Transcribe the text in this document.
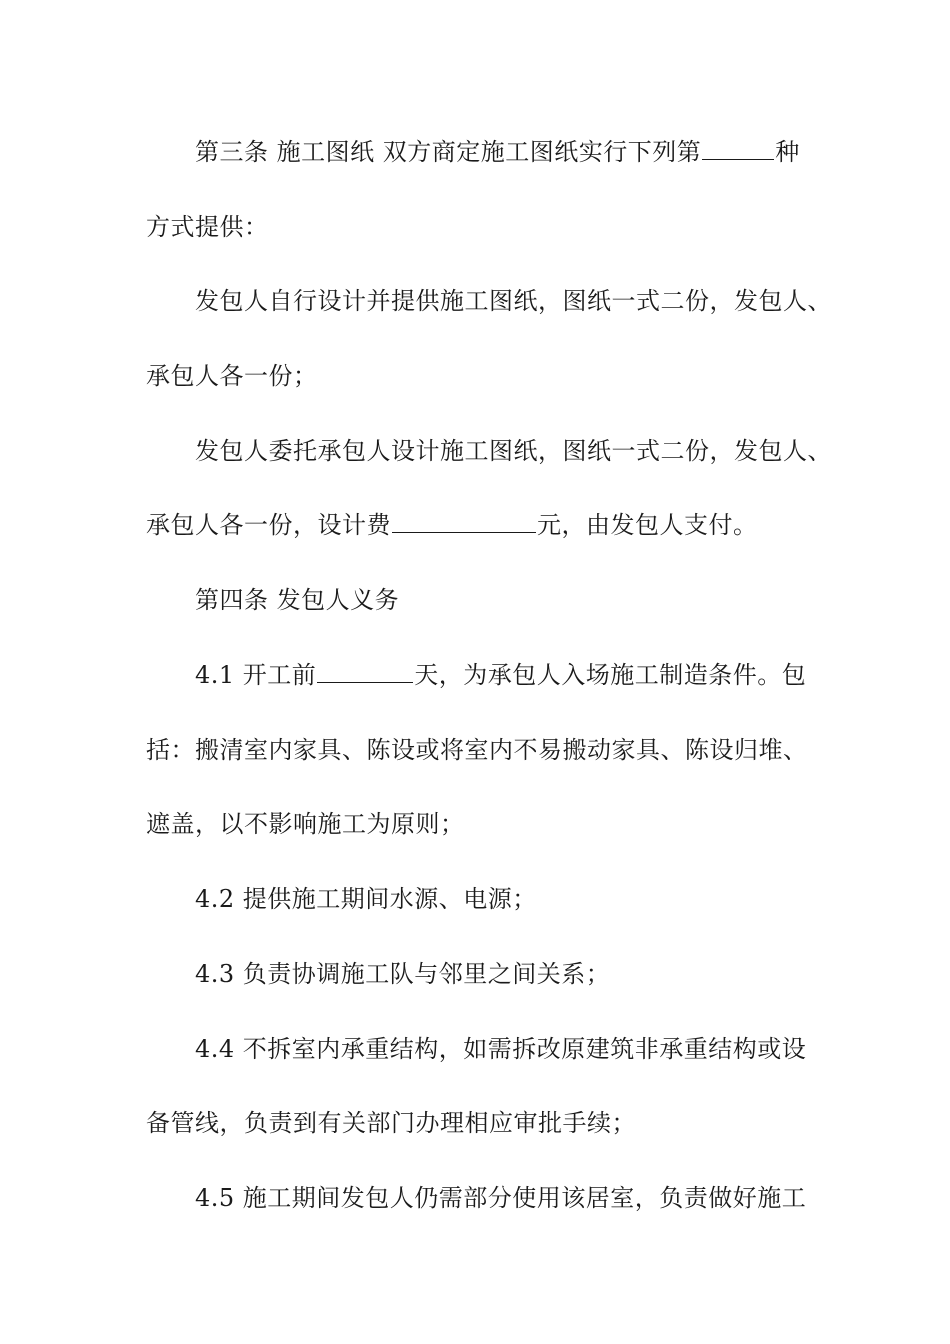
第三条 施工图纸 双方商定施工图纸实行下列第	种
方式提供：
发包人自行设计并提供施工图纸，图纸一式二份，发包人、
承包人各一份；
发包人委托承包人设计施工图纸，图纸一式二份，发包人、
承包人各一份，设计费	元，由发包人支付。
第四条 发包人义务
4.1 开工前	天，为承包人入场施工制造条件。包
括：搬清室内家具、陈设或将室内不易搬动家具、陈设归堆、
遮盖，以不影响施工为原则；
4.2 提供施工期间水源、电源；
4.3 负责协调施工队与邻里之间关系；
4.4 不拆室内承重结构，如需拆改原建筑非承重结构或设
备管线，负责到有关部门办理相应审批手续；
4.5 施工期间发包人仍需部分使用该居室，负责做好施工
